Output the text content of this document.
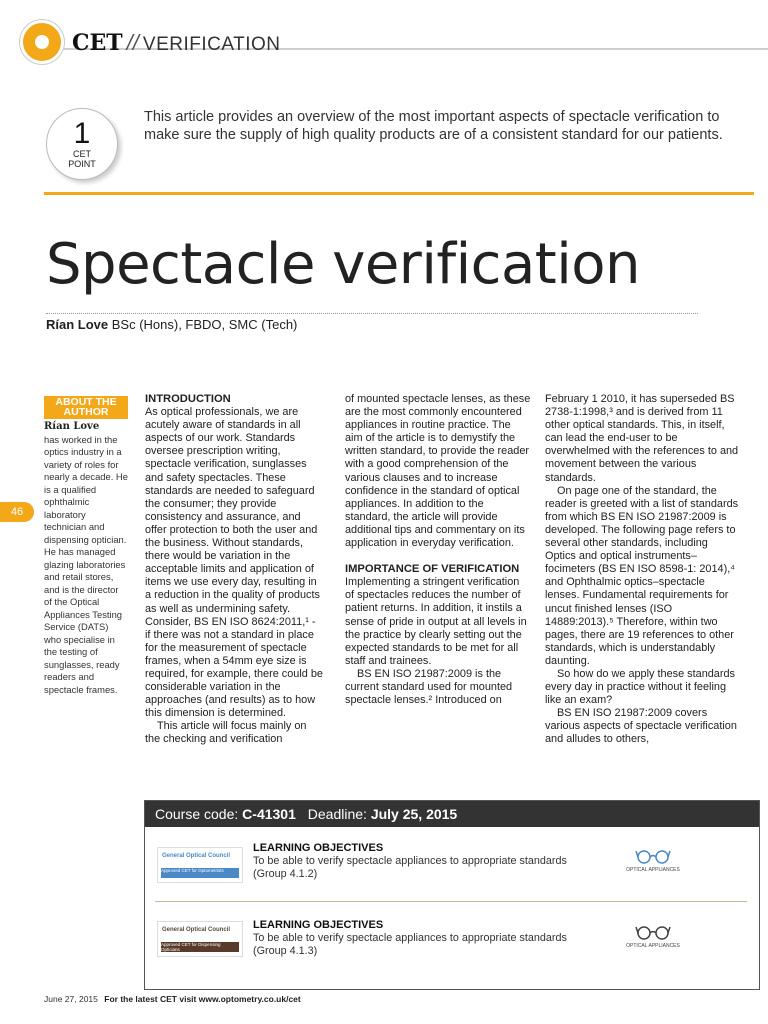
CET // VERIFICATION
1
CET
POINT
This article provides an overview of the most important aspects of spectacle verification to make sure the supply of high quality products are of a consistent standard for our patients.
Spectacle verification
Rían Love BSc (Hons), FBDO, SMC (Tech)
ABOUT THE AUTHOR
Rían Love
has worked in the optics industry in a variety of roles for nearly a decade. He is a qualified ophthalmic laboratory technician and dispensing optician. He has managed glazing laboratories and retail stores, and is the director of the Optical Appliances Testing Service (DATS) who specialise in the testing of sunglasses, ready readers and spectacle frames.
46

INTRODUCTION

As optical professionals, we are acutely aware of standards in all aspects of our work. Standards oversee prescription writing, spectacle verification, sunglasses and safety spectacles. These standards are needed to safeguard the consumer; they provide consistency and assurance, and offer protection to both the user and the business. Without standards, there would be variation in the acceptable limits and application of items we use every day, resulting in a reduction in the quality of products as well as undermining safety. Consider, BS EN ISO 8624:2011,¹ - if there was not a standard in place for the measurement of spectacle frames, when a 54mm eye size is required, for example, there could be considerable variation in the approaches (and results) as to how this dimension is determined.

This article will focus mainly on the checking and verification

of mounted spectacle lenses, as these are the most commonly encountered appliances in routine practice. The aim of the article is to demystify the written standard, to provide the reader with a good comprehension of the various clauses and to increase confidence in the standard of optical appliances. In addition to the standard, the article will provide additional tips and commentary on its application in everyday verification.

IMPORTANCE OF VERIFICATION

Implementing a stringent verification of spectacles reduces the number of patient returns. In addition, it instils a sense of pride in output at all levels in the practice by clearly setting out the expected standards to be met for all staff and trainees.

BS EN ISO 21987:2009 is the current standard used for mounted spectacle lenses.² Introduced on

February 1 2010, it has superseded BS 2738-1:1998,³ and is derived from 11 other optical standards. This, in itself, can lead the end-user to be overwhelmed with the references to and movement between the various standards.

On page one of the standard, the reader is greeted with a list of standards from which BS EN ISO 21987:2009 is developed. The following page refers to several other standards, including Optics and optical instruments–focimeters (BS EN ISO 8598-1: 2014),⁴ and Ophthalmic optics–spectacle lenses. Fundamental requirements for uncut finished lenses (ISO 14889:2013).⁵ Therefore, within two pages, there are 19 references to other standards, which is understandably daunting.

So how do we apply these standards every day in practice without it feeling like an exam?

BS EN ISO 21987:2009 covers various aspects of spectacle verification and alludes to others,

Course code: C-41301 Deadline: July 25, 2015
General Optical Council
Approved CET for Optometrists
LEARNING OBJECTIVES
To be able to verify spectacle appliances to appropriate standards (Group 4.1.2)	OPTICAL APPLIANCES
General Optical Council
Approved CET for Dispensing Opticians
LEARNING OBJECTIVES
To be able to verify spectacle appliances to appropriate standards (Group 4.1.3)	OPTICAL APPLIANCES
June 27, 2015 For the latest CET visit www.optometry.co.uk/cet
